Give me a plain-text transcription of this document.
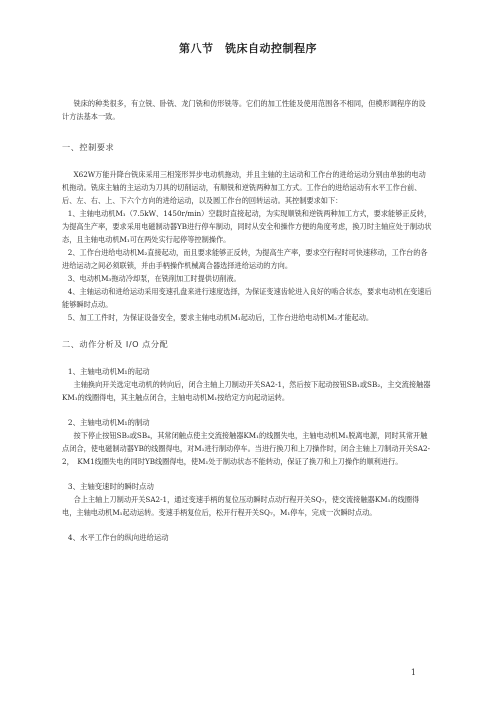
第八节　铣床自动控制程序

铣床的种类很多，有立铣、卧铣、龙门铣和仿形铣等。它们的加工性能及使用范围各不相同，但模形调程序的设计方法基本一致。

一、控制要求

X62W万能升降台铣床采用三相笼形异步电动机拖动，并且主轴的主运动和工作台的进给运动分别由单独的电动机拖动。铣床主轴的主运动为刀具的切削运动，有顺铣和逆铣两种加工方式。工作台的进给运动有水平工作台前、后、左、右、上、下六个方向的进给运动，以及圆工作台的回转运动。其控制要求如下：

1、主轴电动机M₁（7.5kW、1450r/min）空载时直接起动，为实现顺铣和逆铣两种加工方式，要求能够正反转，为提高生产率，要求采用电磁制动器YB进行停车制动，同时从安全和操作方便的角度考虑，换刀时主轴应处于制动状态，且主轴电动机M₁可在两处实行起停等控制操作。

2、工作台进给电动机M₂直接起动，而且要求能够正反转，为提高生产率，要求空行程时可快速移动，工作台的各进给运动之间必须联锁，并由手柄操作机械离合器选择进给运动的方向。

3、电动机M₃拖动冷却泵，在铣削加工时提供切削液。

4、主轴运动和进给运动采用变速孔盘来进行速度选择，为保证变速齿轮进入良好的啮合状态，要求电动机在变速后能够瞬时点动。

5、加工工件时，为保证设备安全，要求主轴电动机M₁起动后，工作台进给电动机M₂才能起动。

二、动作分析及 I/O 点分配
1、主轴电动机M₁的起动

主轴换向开关选定电动机的转向后，闭合主轴上刀制动开关SA2-1，然后按下起动按钮SB₁或SB₂，主交流接触器KM₁的线圈得电，其主触点闭合，主轴电动机M₁按给定方向起动运转。

2、主轴电动机M₁的制动

按下停止按钮SB₃或SB₄，其常闭触点使主交流接触器KM₁的线圈失电，主轴电动机M₁脱离电源，同时其常开触点闭合，使电磁制动器YB的线圈得电，对M₁进行制动停车。当进行换刀和上刀操作时，闭合主轴上刀制动开关SA2-2，　KM1线圈失电的同时YB线圈得电，使M₁处于制动状态不能转动，保证了换刀和上刀操作的顺利进行。

3、主轴变速时的瞬时点动

合上主轴上刀制动开关SA2-1，通过变速手柄的复位压动瞬时点动行程开关SQ₇，使交流接触器KM₁的线圈得电，主轴电动机M₁起动运转。变速手柄复位后，松开行程开关SQ₇，M₁停车，完成一次瞬时点动。

4、水平工作台的纵向进给运动
1
